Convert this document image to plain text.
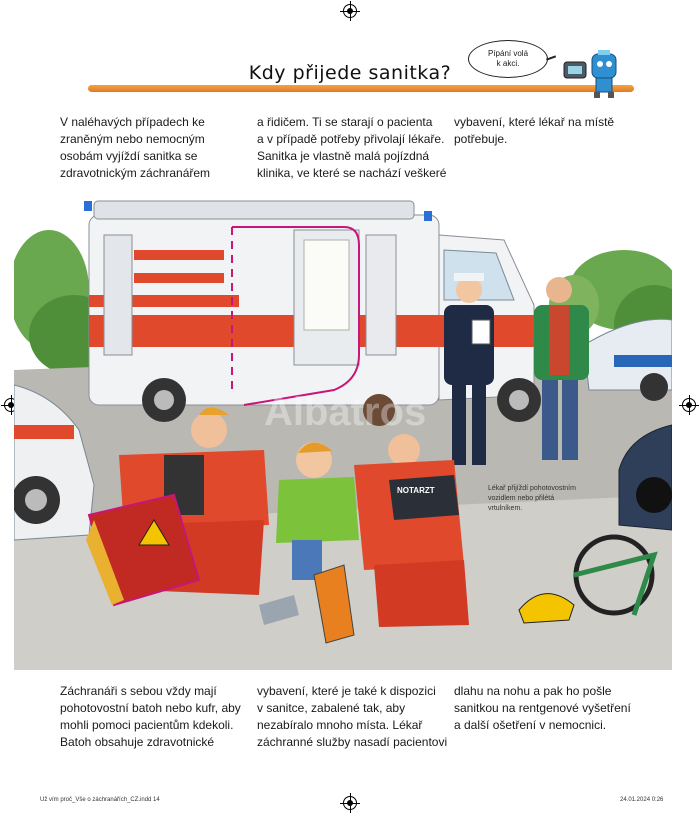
Kdy přijede sanitka?
Pípání volá
k akci.
V naléhavých případech ke
zraněným nebo nemocným
osobám vyjíždí sanitka se
zdravotnickým záchranářem
a řidičem. Ti se starají o pacienta
a v případě potřeby přivolají lékaře.
Sanitka je vlastně malá pojízdná
klinika, ve které se nachází veškeré
vybavení, které lékař na místě
potřebuje.
NOTARZT
Albatros
Lékař přijíždí pohotovostním
vozidlem nebo přilétá
vrtulníkem.
Záchranáři s sebou vždy mají
pohotovostní batoh nebo kufr, aby
mohli pomoci pacientům kdekoli.
Batoh obsahuje zdravotnické
vybavení, které je také k dispozici
v sanitce, zabalené tak, aby
nezabíralo mnoho místa. Lékař
záchranné služby nasadí pacientovi
dlahu na nohu a pak ho pošle
sanitkou na rentgenové vyšetření
a další ošetření v nemocnici.
Už vím proč_Vše o záchranářích_CZ.indd 14	24.01.2024 0:26
